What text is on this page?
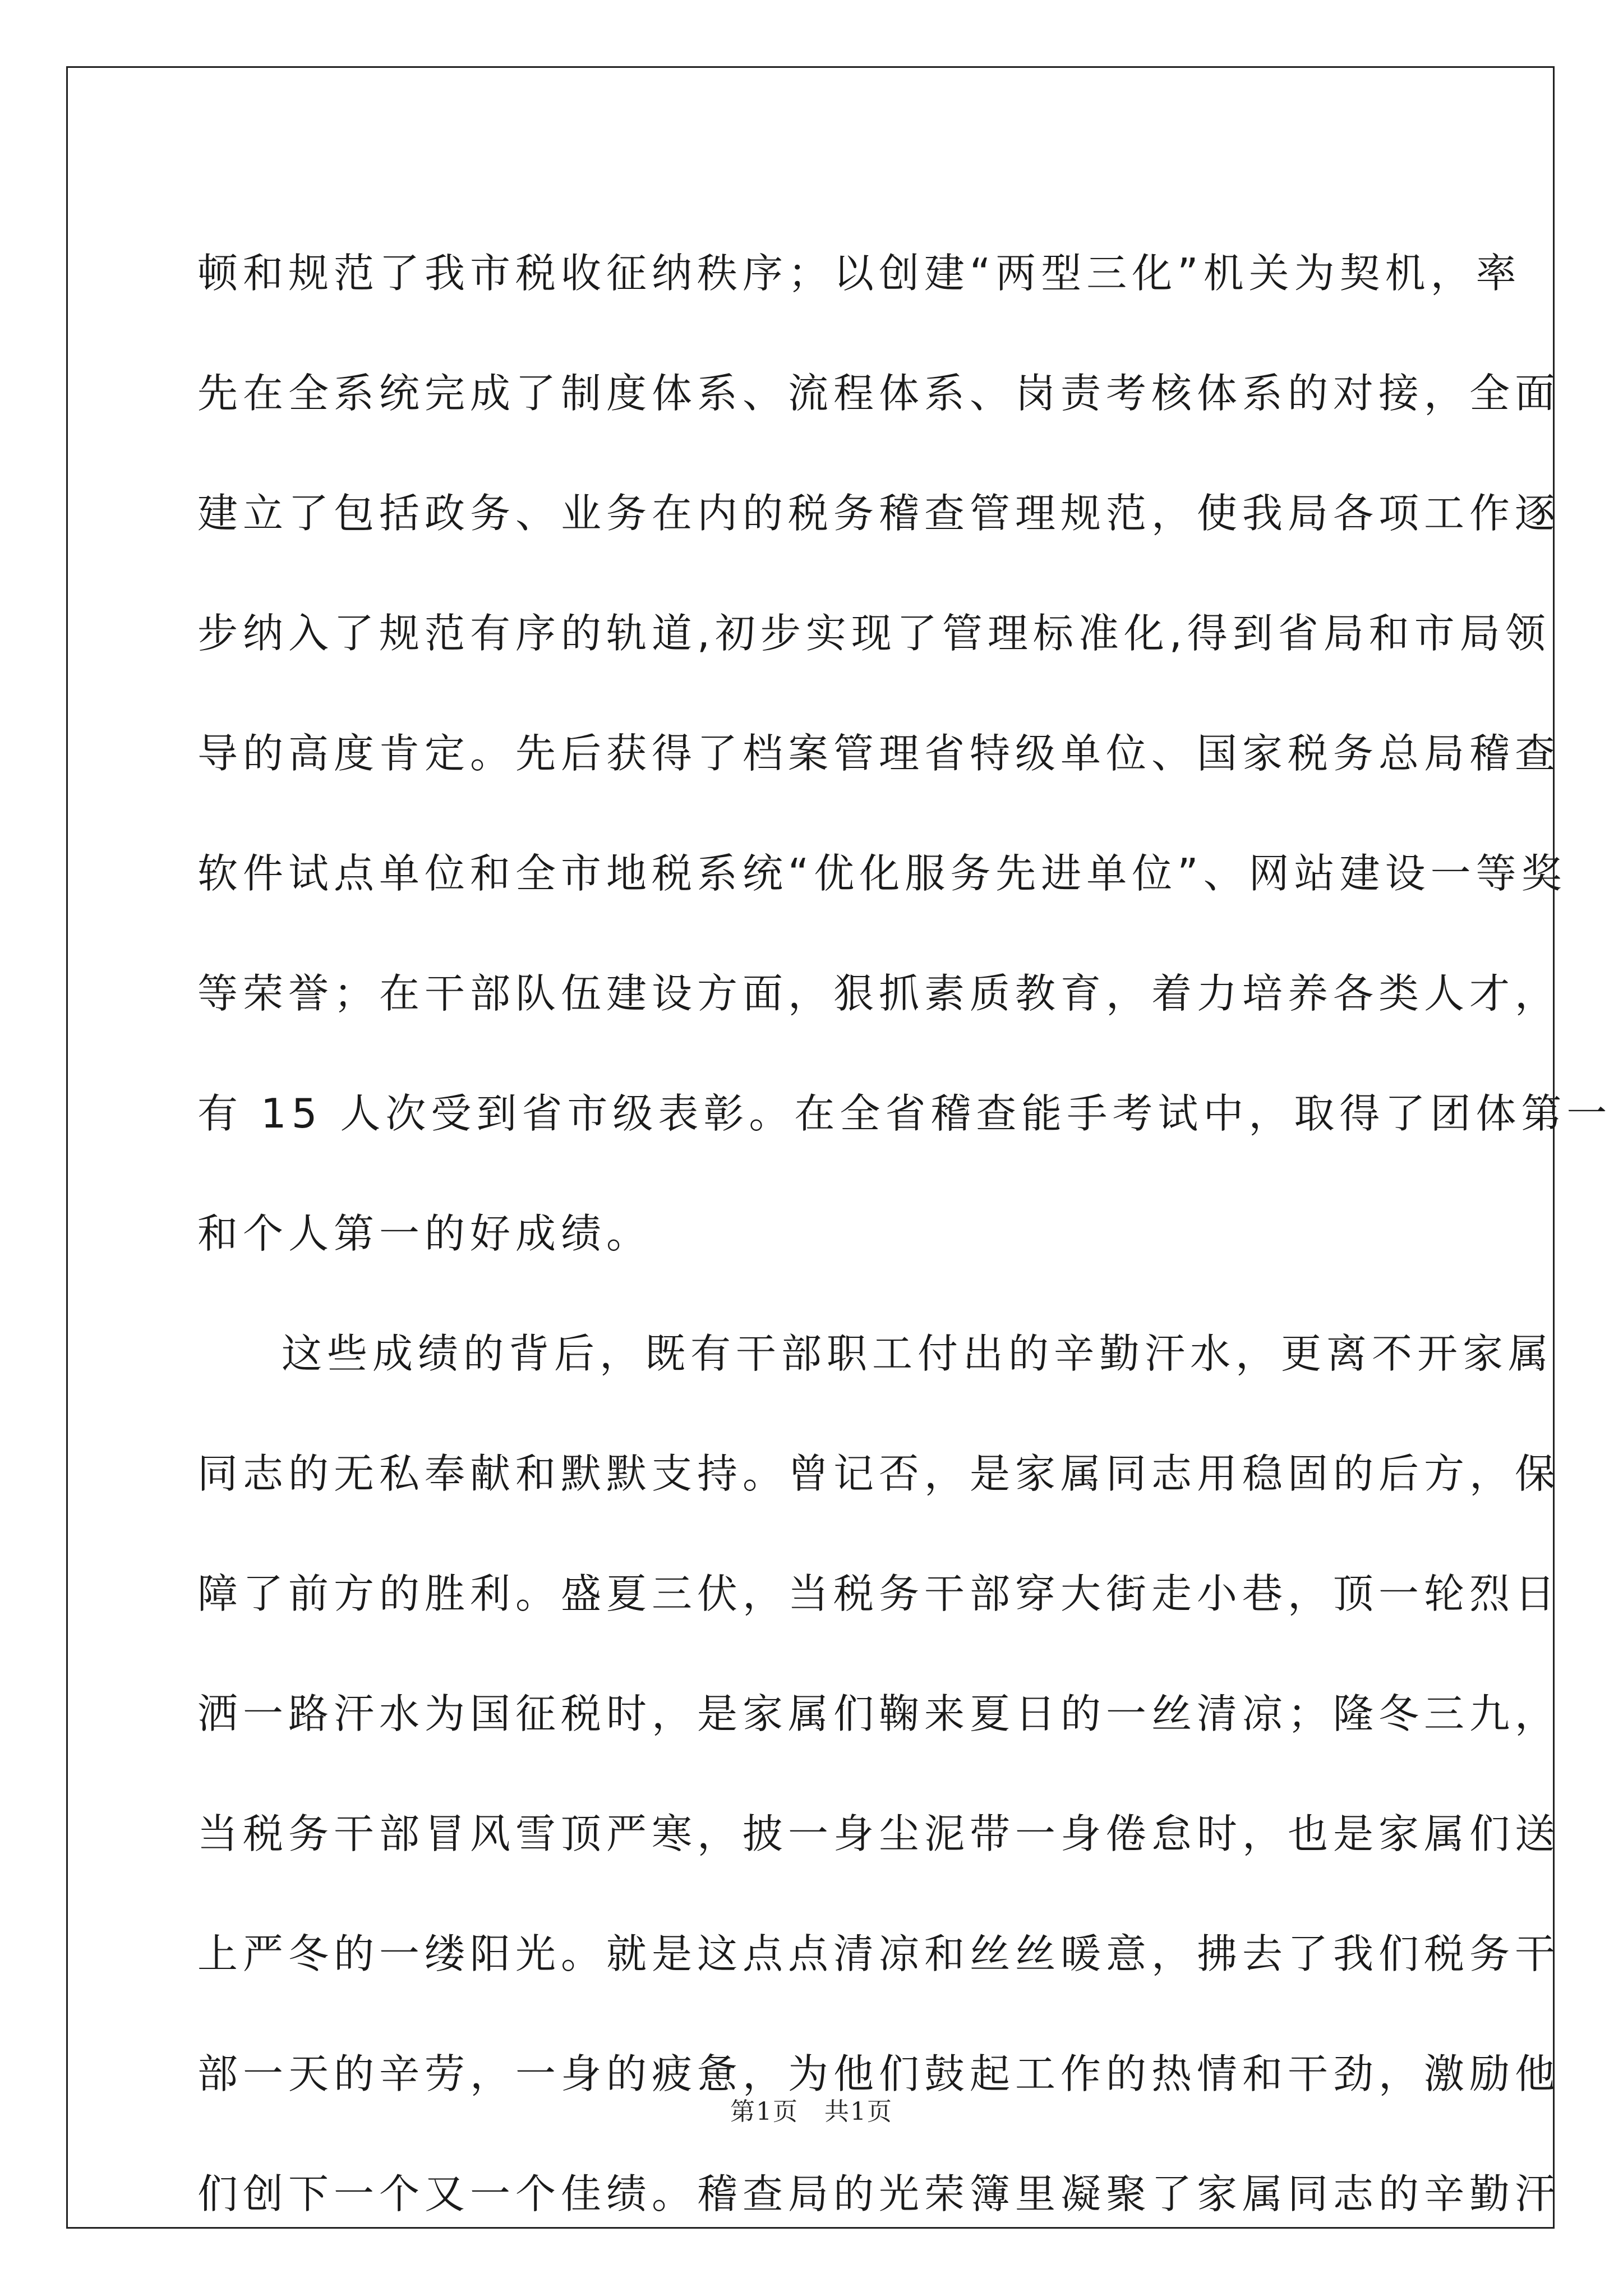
顿和规范了我市税收征纳秩序；以创建“两型三化”机关为契机，率
先在全系统完成了制度体系、流程体系、岗责考核体系的对接，全面
建立了包括政务、业务在内的税务稽查管理规范，使我局各项工作逐
步纳入了规范有序的轨道,初步实现了管理标准化,得到省局和市局领
导的高度肯定。先后获得了档案管理省特级单位、国家税务总局稽查
软件试点单位和全市地税系统“优化服务先进单位”、网站建设一等奖
等荣誉；在干部队伍建设方面，狠抓素质教育，着力培养各类人才，
有 15 人次受到省市级表彰。在全省稽查能手考试中，取得了团体第一
和个人第一的好成绩。
这些成绩的背后，既有干部职工付出的辛勤汗水，更离不开家属
同志的无私奉献和默默支持。曾记否，是家属同志用稳固的后方，保
障了前方的胜利。盛夏三伏，当税务干部穿大街走小巷，顶一轮烈日
洒一路汗水为国征税时，是家属们鞠来夏日的一丝清凉；隆冬三九，
当税务干部冒风雪顶严寒，披一身尘泥带一身倦怠时，也是家属们送
上严冬的一缕阳光。就是这点点清凉和丝丝暖意，拂去了我们税务干
部一天的辛劳，一身的疲惫，为他们鼓起工作的热情和干劲，激励他
们创下一个又一个佳绩。稽查局的光荣簿里凝聚了家属同志的辛勤汗
第1页　共1页
